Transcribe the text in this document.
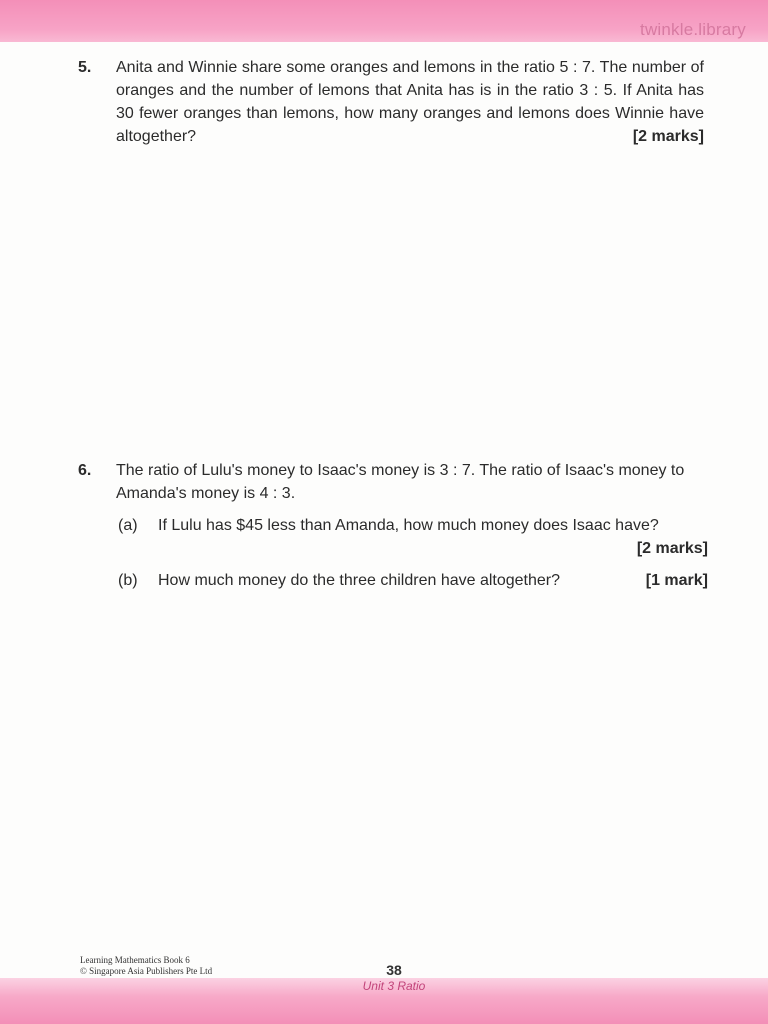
twinkle.library
5. Anita and Winnie share some oranges and lemons in the ratio 5 : 7. The number of oranges and the number of lemons that Anita has is in the ratio 3 : 5. If Anita has 30 fewer oranges than lemons, how many oranges and lemons does Winnie have altogether?	[2 marks]
6. The ratio of Lulu's money to Isaac's money is 3 : 7. The ratio of Isaac's money to Amanda's money is 4 : 3.
(a) If Lulu has $45 less than Amanda, how much money does Isaac have?
[2 marks]
(b) How much money do the three children have altogether?	[1 mark]
Learning Mathematics Book 6
© Singapore Asia Publishers Pte Ltd	38
Unit 3 Ratio
